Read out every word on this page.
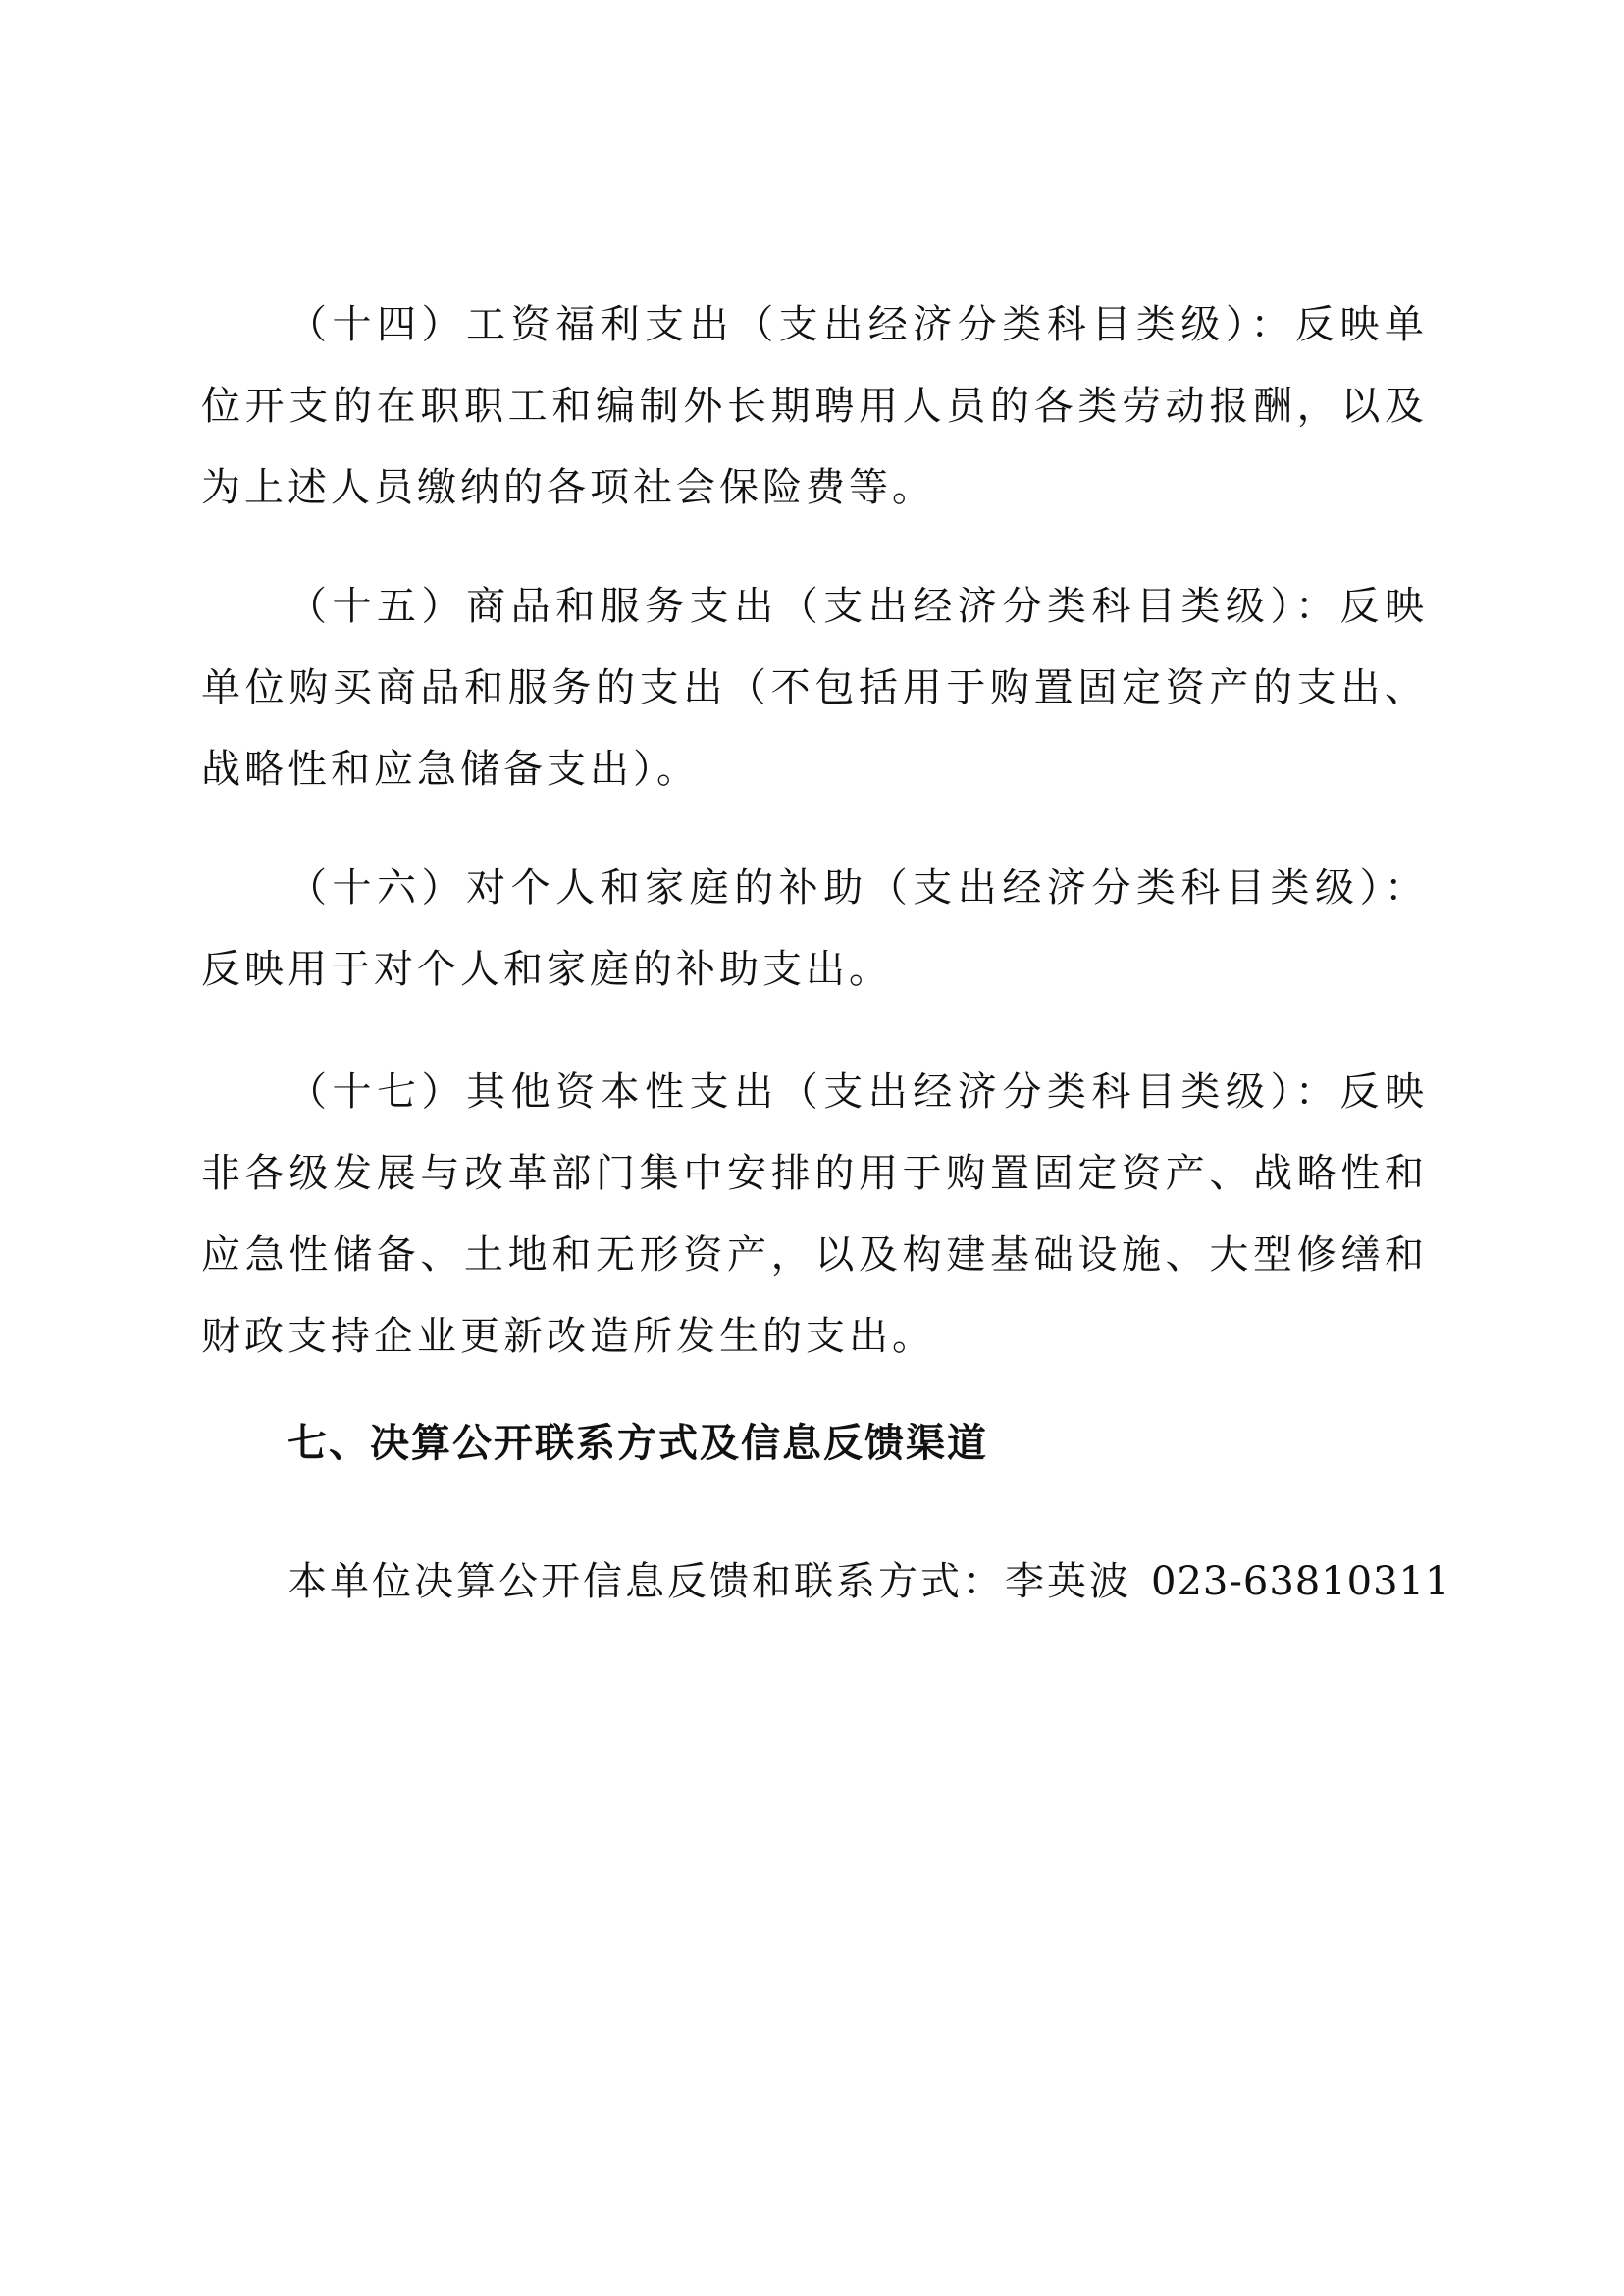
（十四）工资福利支出（支出经济分类科目类级）：反映单位开支的在职职工和编制外长期聘用人员的各类劳动报酬，以及为上述人员缴纳的各项社会保险费等。

（十五）商品和服务支出（支出经济分类科目类级）：反映单位购买商品和服务的支出（不包括用于购置固定资产的支出、战略性和应急储备支出）。

（十六）对个人和家庭的补助（支出经济分类科目类级）：反映用于对个人和家庭的补助支出。

（十七）其他资本性支出（支出经济分类科目类级）：反映非各级发展与改革部门集中安排的用于购置固定资产、战略性和应急性储备、土地和无形资产，以及构建基础设施、大型修缮和财政支持企业更新改造所发生的支出。

七、决算公开联系方式及信息反馈渠道

本单位决算公开信息反馈和联系方式：李英波 023-63810311
